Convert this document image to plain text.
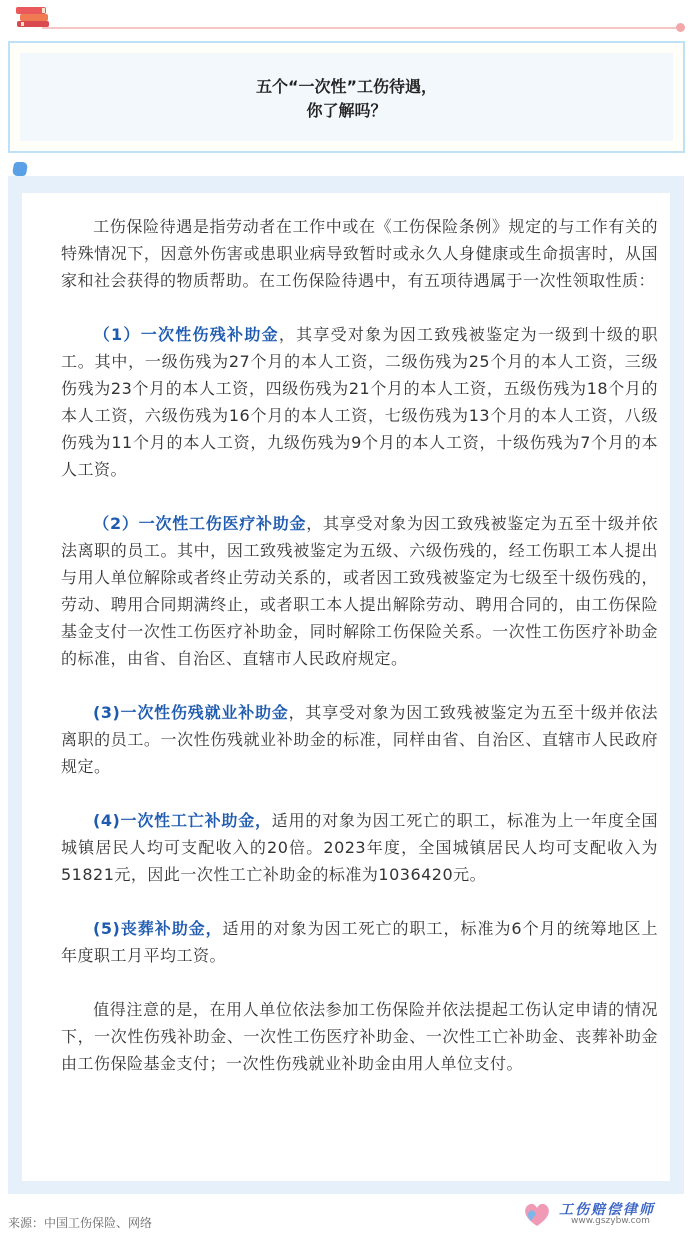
五个“一次性”工伤待遇，
你了解吗？

工伤保险待遇是指劳动者在工作中或在《工伤保险条例》规定的与工作有关的特殊情况下，因意外伤害或患职业病导致暂时或永久人身健康或生命损害时，从国家和社会获得的物质帮助。在工伤保险待遇中，有五项待遇属于一次性领取性质：

（1）一次性伤残补助金，其享受对象为因工致残被鉴定为一级到十级的职工。其中，一级伤残为27个月的本人工资，二级伤残为25个月的本人工资，三级伤残为23个月的本人工资，四级伤残为21个月的本人工资，五级伤残为18个月的本人工资，六级伤残为16个月的本人工资，七级伤残为13个月的本人工资，八级伤残为11个月的本人工资，九级伤残为9个月的本人工资，十级伤残为7个月的本人工资。

（2）一次性工伤医疗补助金，其享受对象为因工致残被鉴定为五至十级并依法离职的员工。其中，因工致残被鉴定为五级、六级伤残的，经工伤职工本人提出与用人单位解除或者终止劳动关系的，或者因工致残被鉴定为七级至十级伤残的，劳动、聘用合同期满终止，或者职工本人提出解除劳动、聘用合同的，由工伤保险基金支付一次性工伤医疗补助金，同时解除工伤保险关系。一次性工伤医疗补助金的标准，由省、自治区、直辖市人民政府规定。

(3)一次性伤残就业补助金，其享受对象为因工致残被鉴定为五至十级并依法离职的员工。一次性伤残就业补助金的标准，同样由省、自治区、直辖市人民政府规定。

(4)一次性工亡补助金，适用的对象为因工死亡的职工，标准为上一年度全国城镇居民人均可支配收入的20倍。2023年度，全国城镇居民人均可支配收入为51821元，因此一次性工亡补助金的标准为1036420元。

(5)丧葬补助金，适用的对象为因工死亡的职工，标准为6个月的统筹地区上年度职工月平均工资。

值得注意的是，在用人单位依法参加工伤保险并依法提起工伤认定申请的情况下，一次性伤残补助金、一次性工伤医疗补助金、一次性工亡补助金、丧葬补助金由工伤保险基金支付；一次性伤残就业补助金由用人单位支付。

来源：中国工伤保险、网络
工伤赔偿律师
www.gszybw.com
